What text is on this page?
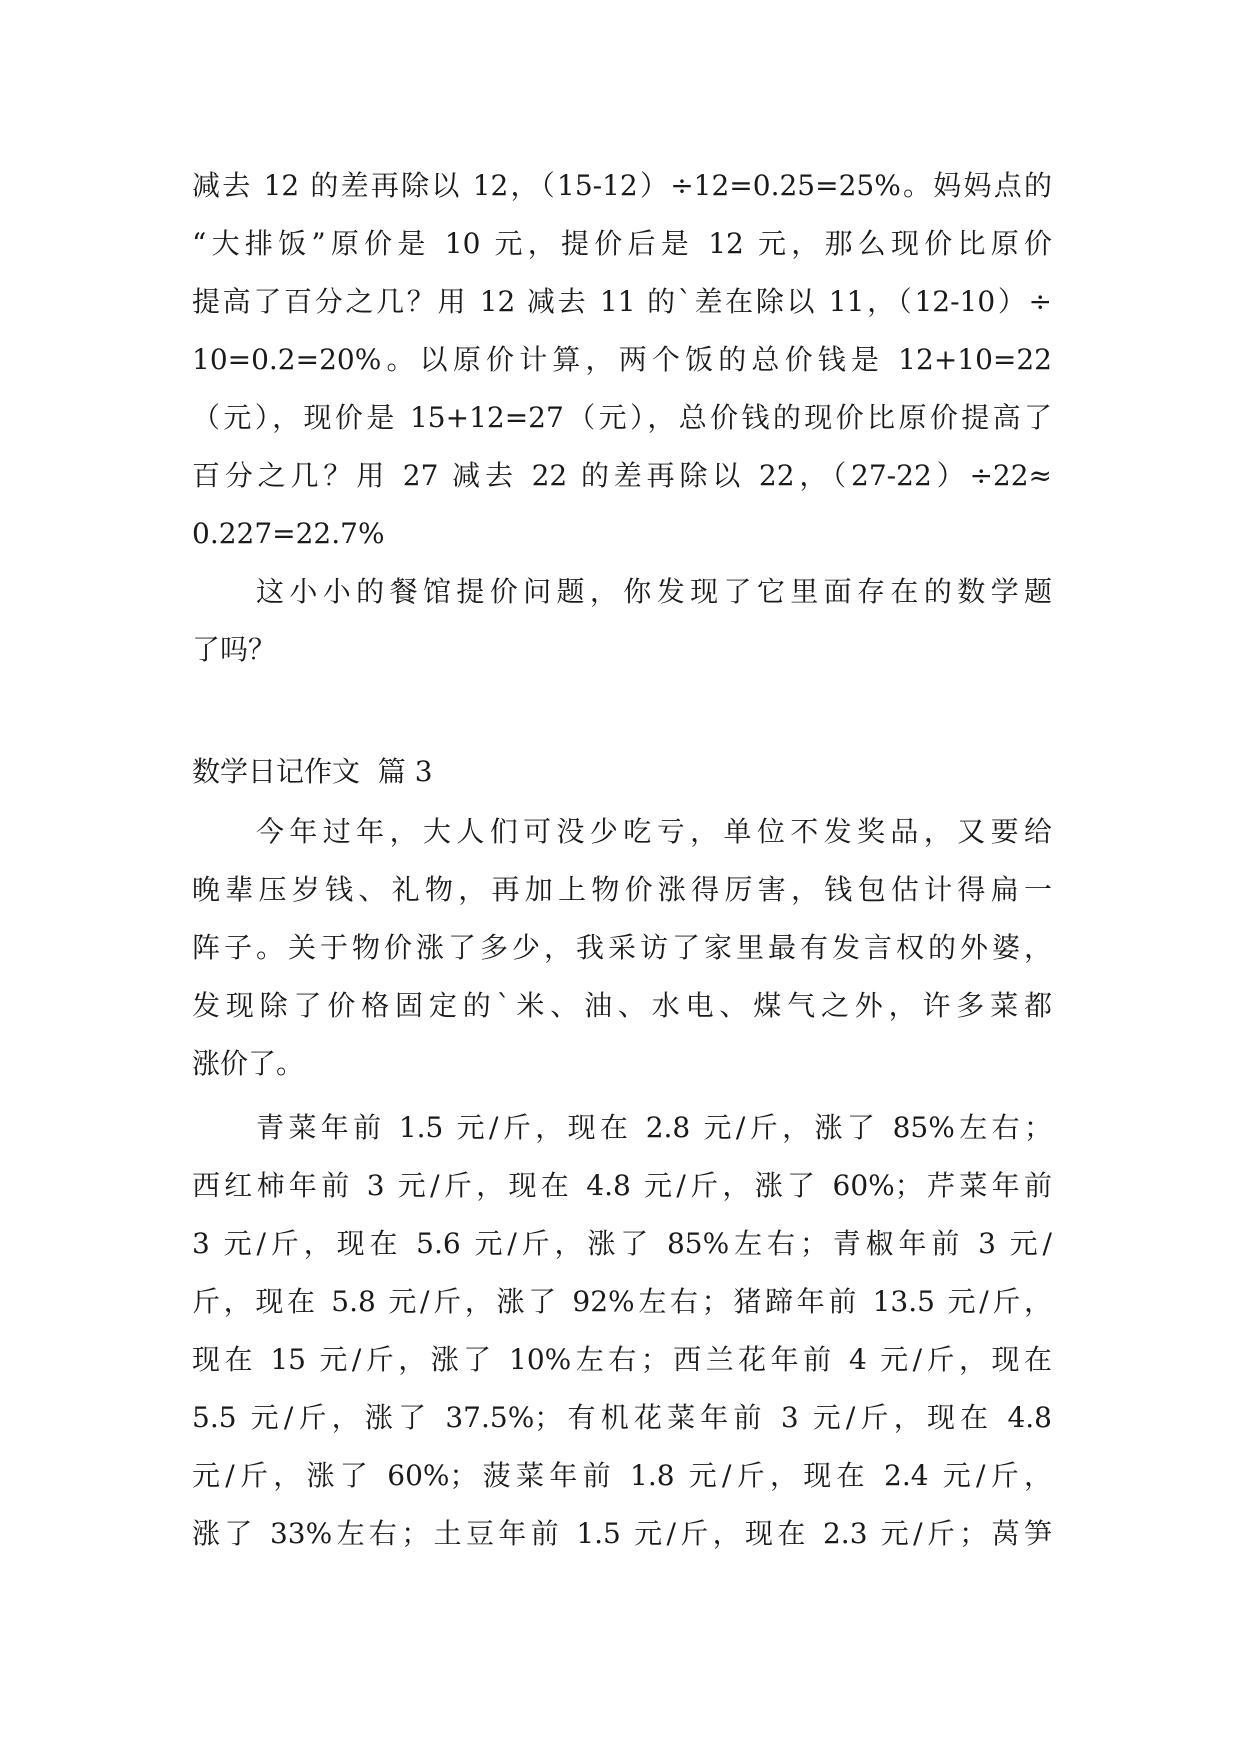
减去 12 的差再除以 12，（15-12）÷12=0.25=25%。妈妈点的
“大排饭”原价是 10 元，提价后是 12 元，那么现价比原价
提高了百分之几？用 12 减去 11 的`差在除以 11，（12-10）÷
10=0.2=20%。以原价计算，两个饭的总价钱是 12+10=22
（元），现价是 15+12=27（元），总价钱的现价比原价提高了
百分之几？用 27 减去 22 的差再除以 22，（27-22）÷22≈
0.227=22.7%
这小小的餐馆提价问题，你发现了它里面存在的数学题
了吗？
数学日记作文  篇 3
今年过年，大人们可没少吃亏，单位不发奖品，又要给
晚辈压岁钱、礼物，再加上物价涨得厉害，钱包估计得扁一
阵子。关于物价涨了多少，我采访了家里最有发言权的外婆，
发现除了价格固定的`米、油、水电、煤气之外，许多菜都
涨价了。
青菜年前 1.5 元/斤，现在 2.8 元/斤，涨了 85%左右；
西红柿年前 3 元/斤，现在 4.8 元/斤，涨了 60%；芹菜年前
3 元/斤，现在 5.6 元/斤，涨了 85%左右；青椒年前 3 元/
斤，现在 5.8 元/斤，涨了 92%左右；猪蹄年前 13.5 元/斤，
现在 15 元/斤，涨了 10%左右；西兰花年前 4 元/斤，现在
5.5 元/斤，涨了 37.5%；有机花菜年前 3 元/斤，现在 4.8
元/斤，涨了 60%；菠菜年前 1.8 元/斤，现在 2.4 元/斤，
涨了 33%左右；土豆年前 1.5 元/斤，现在 2.3 元/斤；莴笋
